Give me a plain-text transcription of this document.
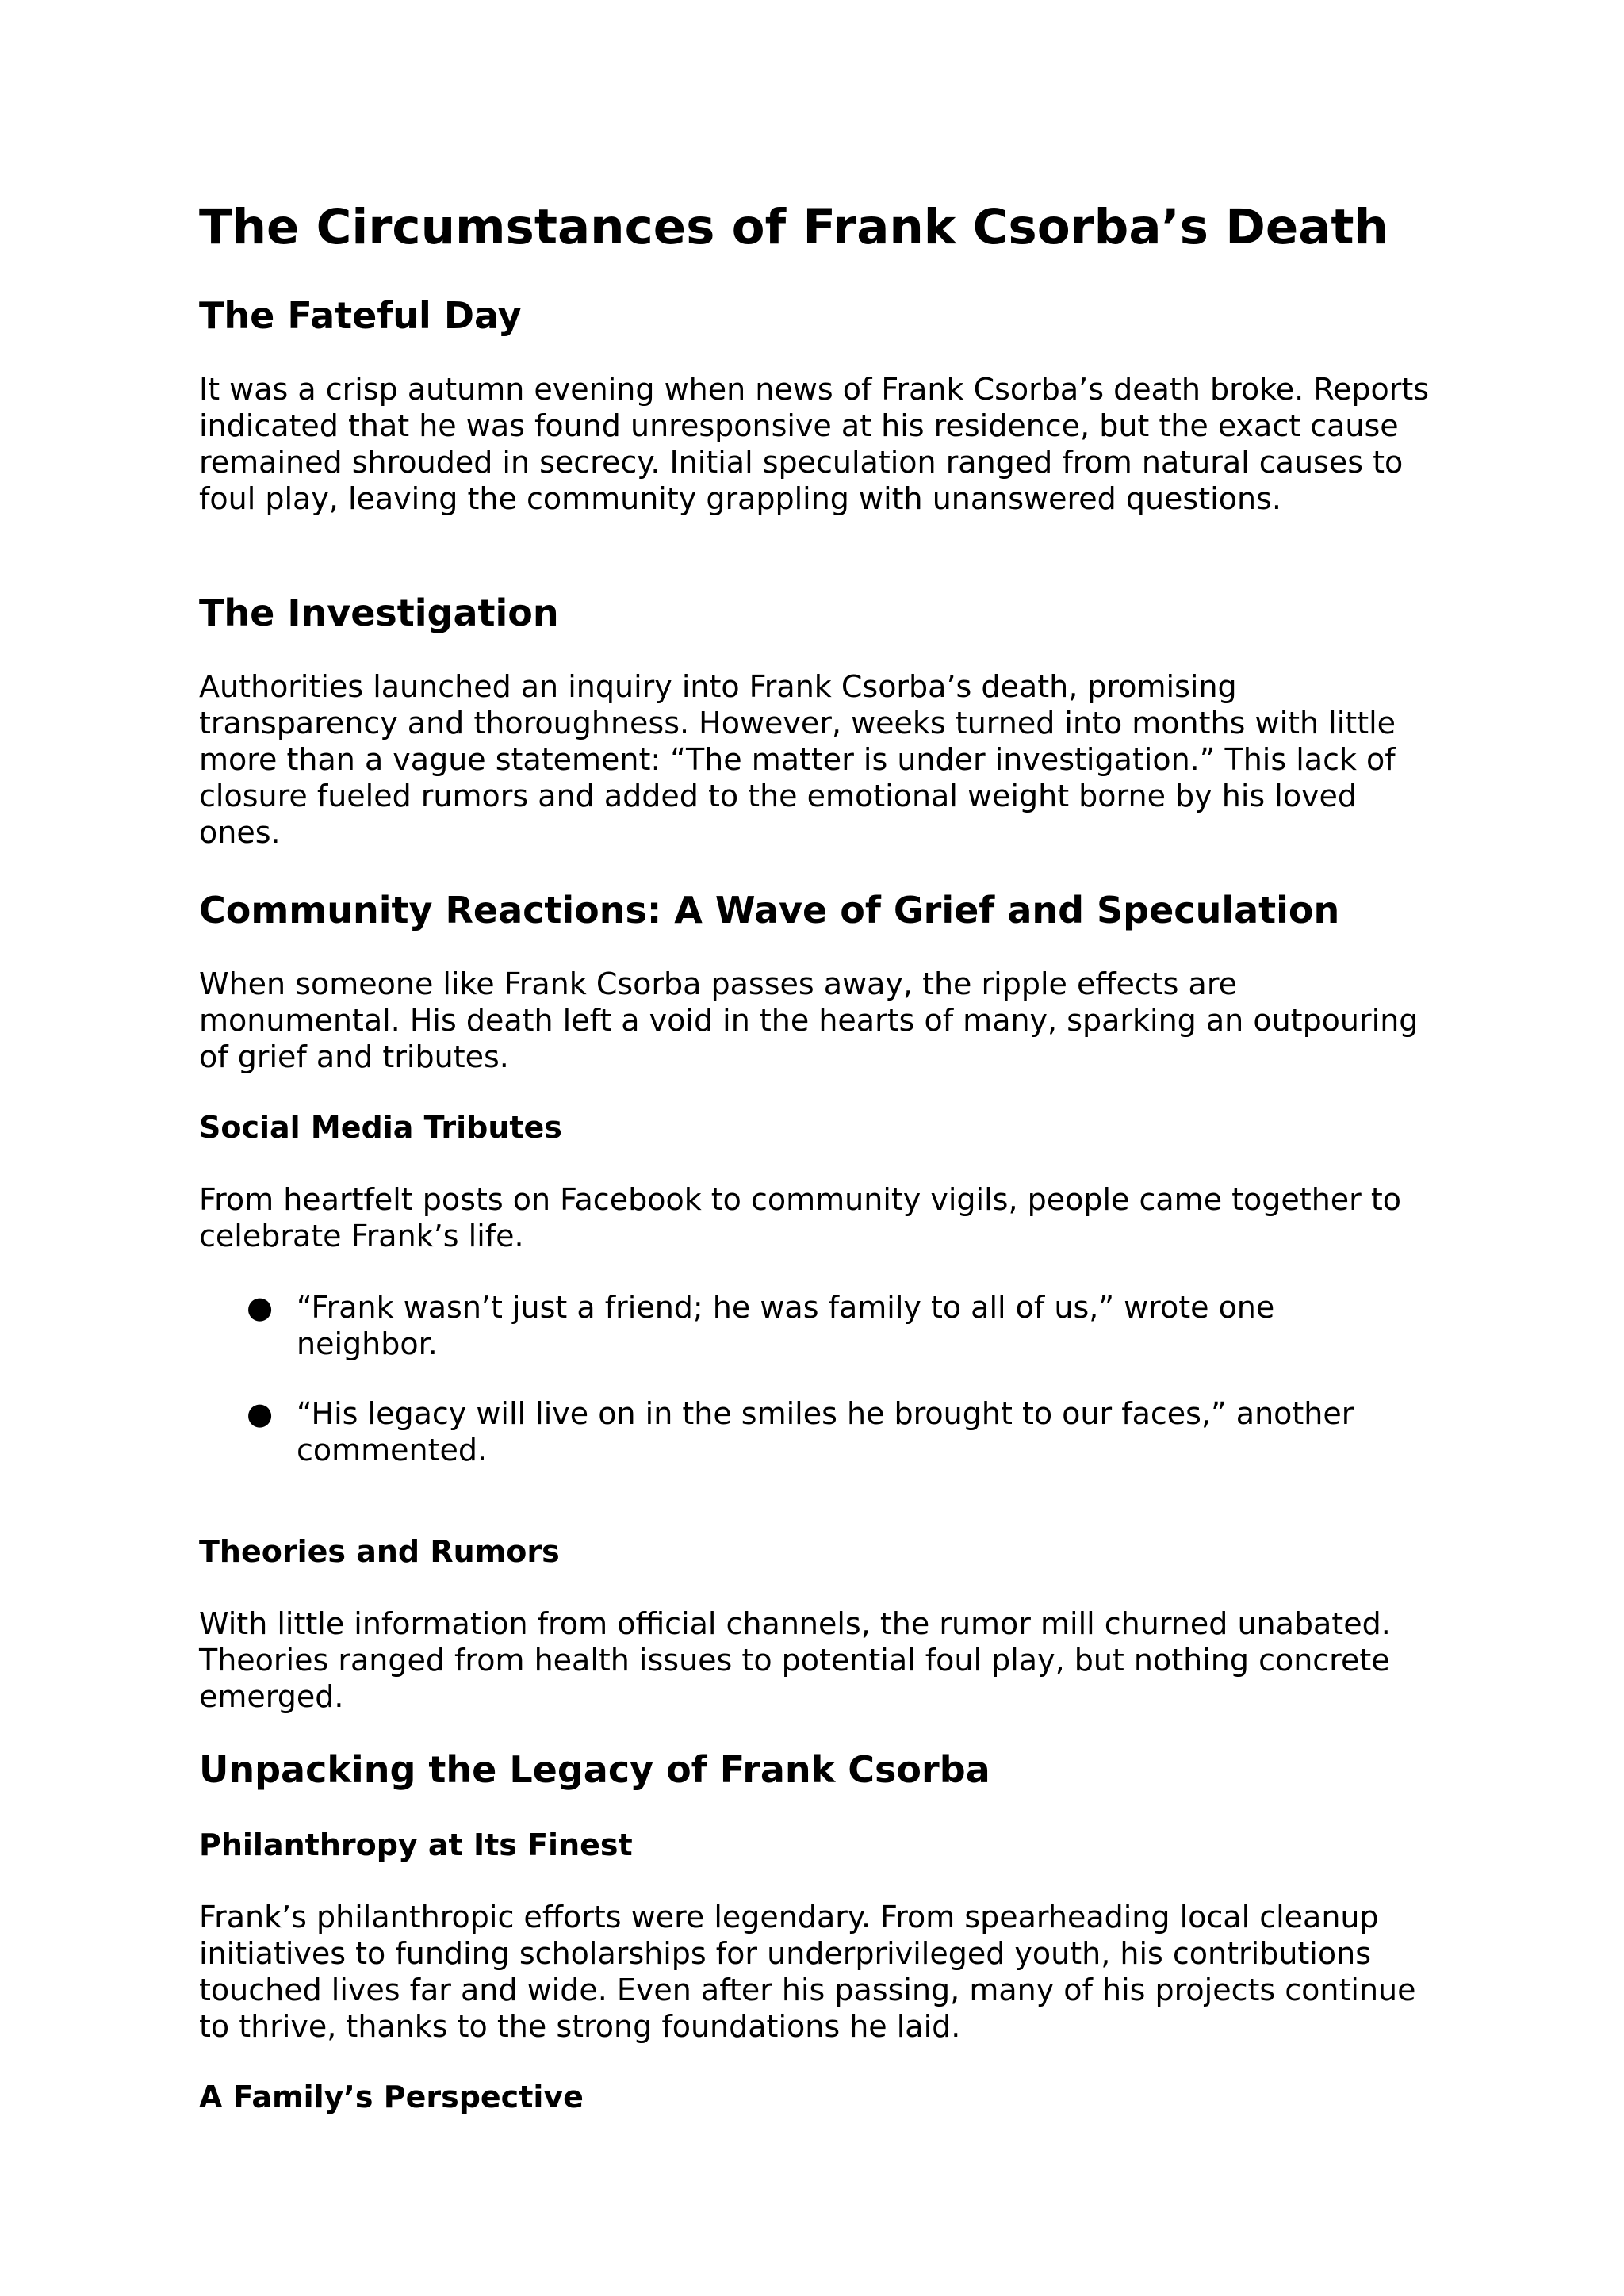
The Circumstances of Frank Csorba’s Death
The Fateful Day

It was a crisp autumn evening when news of Frank Csorba’s death broke. Reports indicated that he was found unresponsive at his residence, but the exact cause remained shrouded in secrecy. Initial speculation ranged from natural causes to foul play, leaving the community grappling with unanswered questions.

The Investigation

Authorities launched an inquiry into Frank Csorba’s death, promising transparency and thoroughness. However, weeks turned into months with little more than a vague statement: “The matter is under investigation.” This lack of closure fueled rumors and added to the emotional weight borne by his loved ones.

Community Reactions: A Wave of Grief and Speculation

When someone like Frank Csorba passes away, the ripple effects are monumental. His death left a void in the hearts of many, sparking an outpouring of grief and tributes.

Social Media Tributes

From heartfelt posts on Facebook to community vigils, people came together to celebrate Frank’s life.

● “Frank wasn’t just a friend; he was family to all of us,” wrote one neighbor.
● “His legacy will live on in the smiles he brought to our faces,” another commented.
Theories and Rumors

With little information from official channels, the rumor mill churned unabated. Theories ranged from health issues to potential foul play, but nothing concrete emerged.

Unpacking the Legacy of Frank Csorba
Philanthropy at Its Finest

Frank’s philanthropic efforts were legendary. From spearheading local cleanup initiatives to funding scholarships for underprivileged youth, his contributions touched lives far and wide. Even after his passing, many of his projects continue to thrive, thanks to the strong foundations he laid.

A Family’s Perspective
